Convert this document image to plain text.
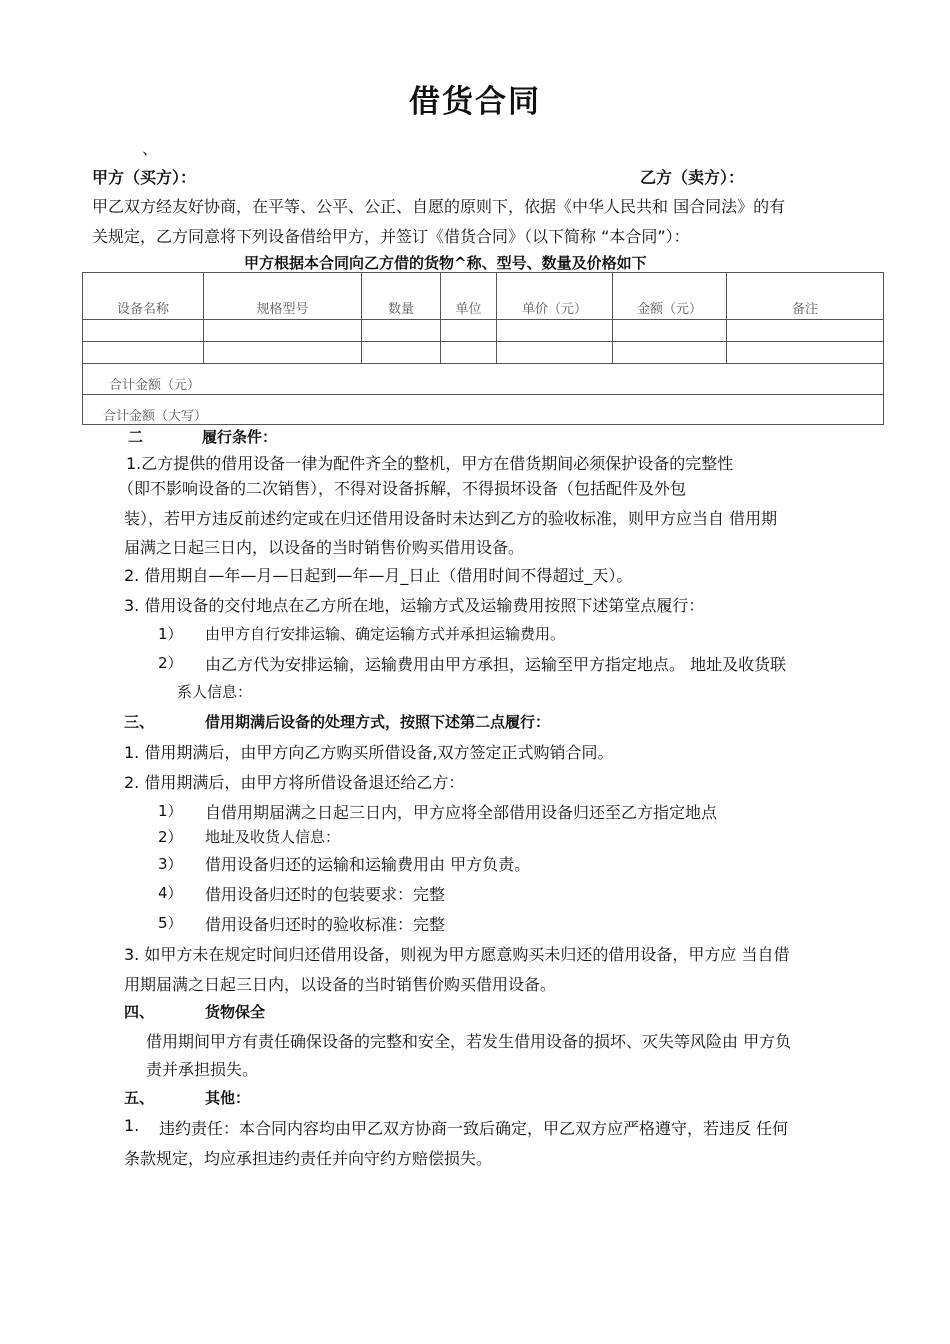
借货合同
、
甲方（买方）：	乙方（卖方）：
甲乙双方经友好协商，在平等、公平、公正、自愿的原则下，依据《中华人民共和 国合同法》的有
关规定，乙方同意将下列设备借给甲方，并签订《借货合同》（以下简称 “本合同”）：
甲方根据本合同向乙方借的货物^称、型号、数量及价格如下
设备名称	规格型号	数量	单位	单价（元）	金额（元）	备注

合计金额（元）						
合计金额（大写）						
二	履行条件：
1.乙方提供的借用设备一律为配件齐全的整机，甲方在借货期间必须保护设备的完整性
（即不影响设备的二次销售），不得对设备拆解，不得损坏设备（包括配件及外包
装），若甲方违反前述约定或在归还借用设备时未达到乙方的验收标准，则甲方应当自 借用期
届满之日起三日内，以设备的当时销售价购买借用设备。
2. 借用期自—年—月—日起到—年—月_日止（借用时间不得超过_天）。
3. 借用设备的交付地点在乙方所在地，运输方式及运输费用按照下述第堂点履行：
1） 由甲方自行安排运输、确定运输方式并承担运输费用。
2） 由乙方代为安排运输，运输费用由甲方承担，运输至甲方指定地点。 地址及收货联
系人信息：
三、	借用期满后设备的处理方式，按照下述第二点履行：
1. 借用期满后，由甲方向乙方购买所借设备,双方签定正式购销合同。
2. 借用期满后，由甲方将所借设备退还给乙方：
1） 自借用期届满之日起三日内，甲方应将全部借用设备归还至乙方指定地点
2） 地址及收货人信息：
3） 借用设备归还的运输和运输费用由 甲方负责。
4） 借用设备归还时的包装要求：完整
5） 借用设备归还时的验收标准：完整
3. 如甲方未在规定时间归还借用设备，则视为甲方愿意购买未归还的借用设备，甲方应 当自借
用期届满之日起三日内，以设备的当时销售价购买借用设备。
四、	货物保全
借用期间甲方有责任确保设备的完整和安全，若发生借用设备的损坏、灭失等风险由 甲方负
责并承担损失。
五、	其他：
1. 违约责任：本合同内容均由甲乙双方协商一致后确定，甲乙双方应严格遵守，若违反 任何
条款规定，均应承担违约责任并向守约方赔偿损失。
